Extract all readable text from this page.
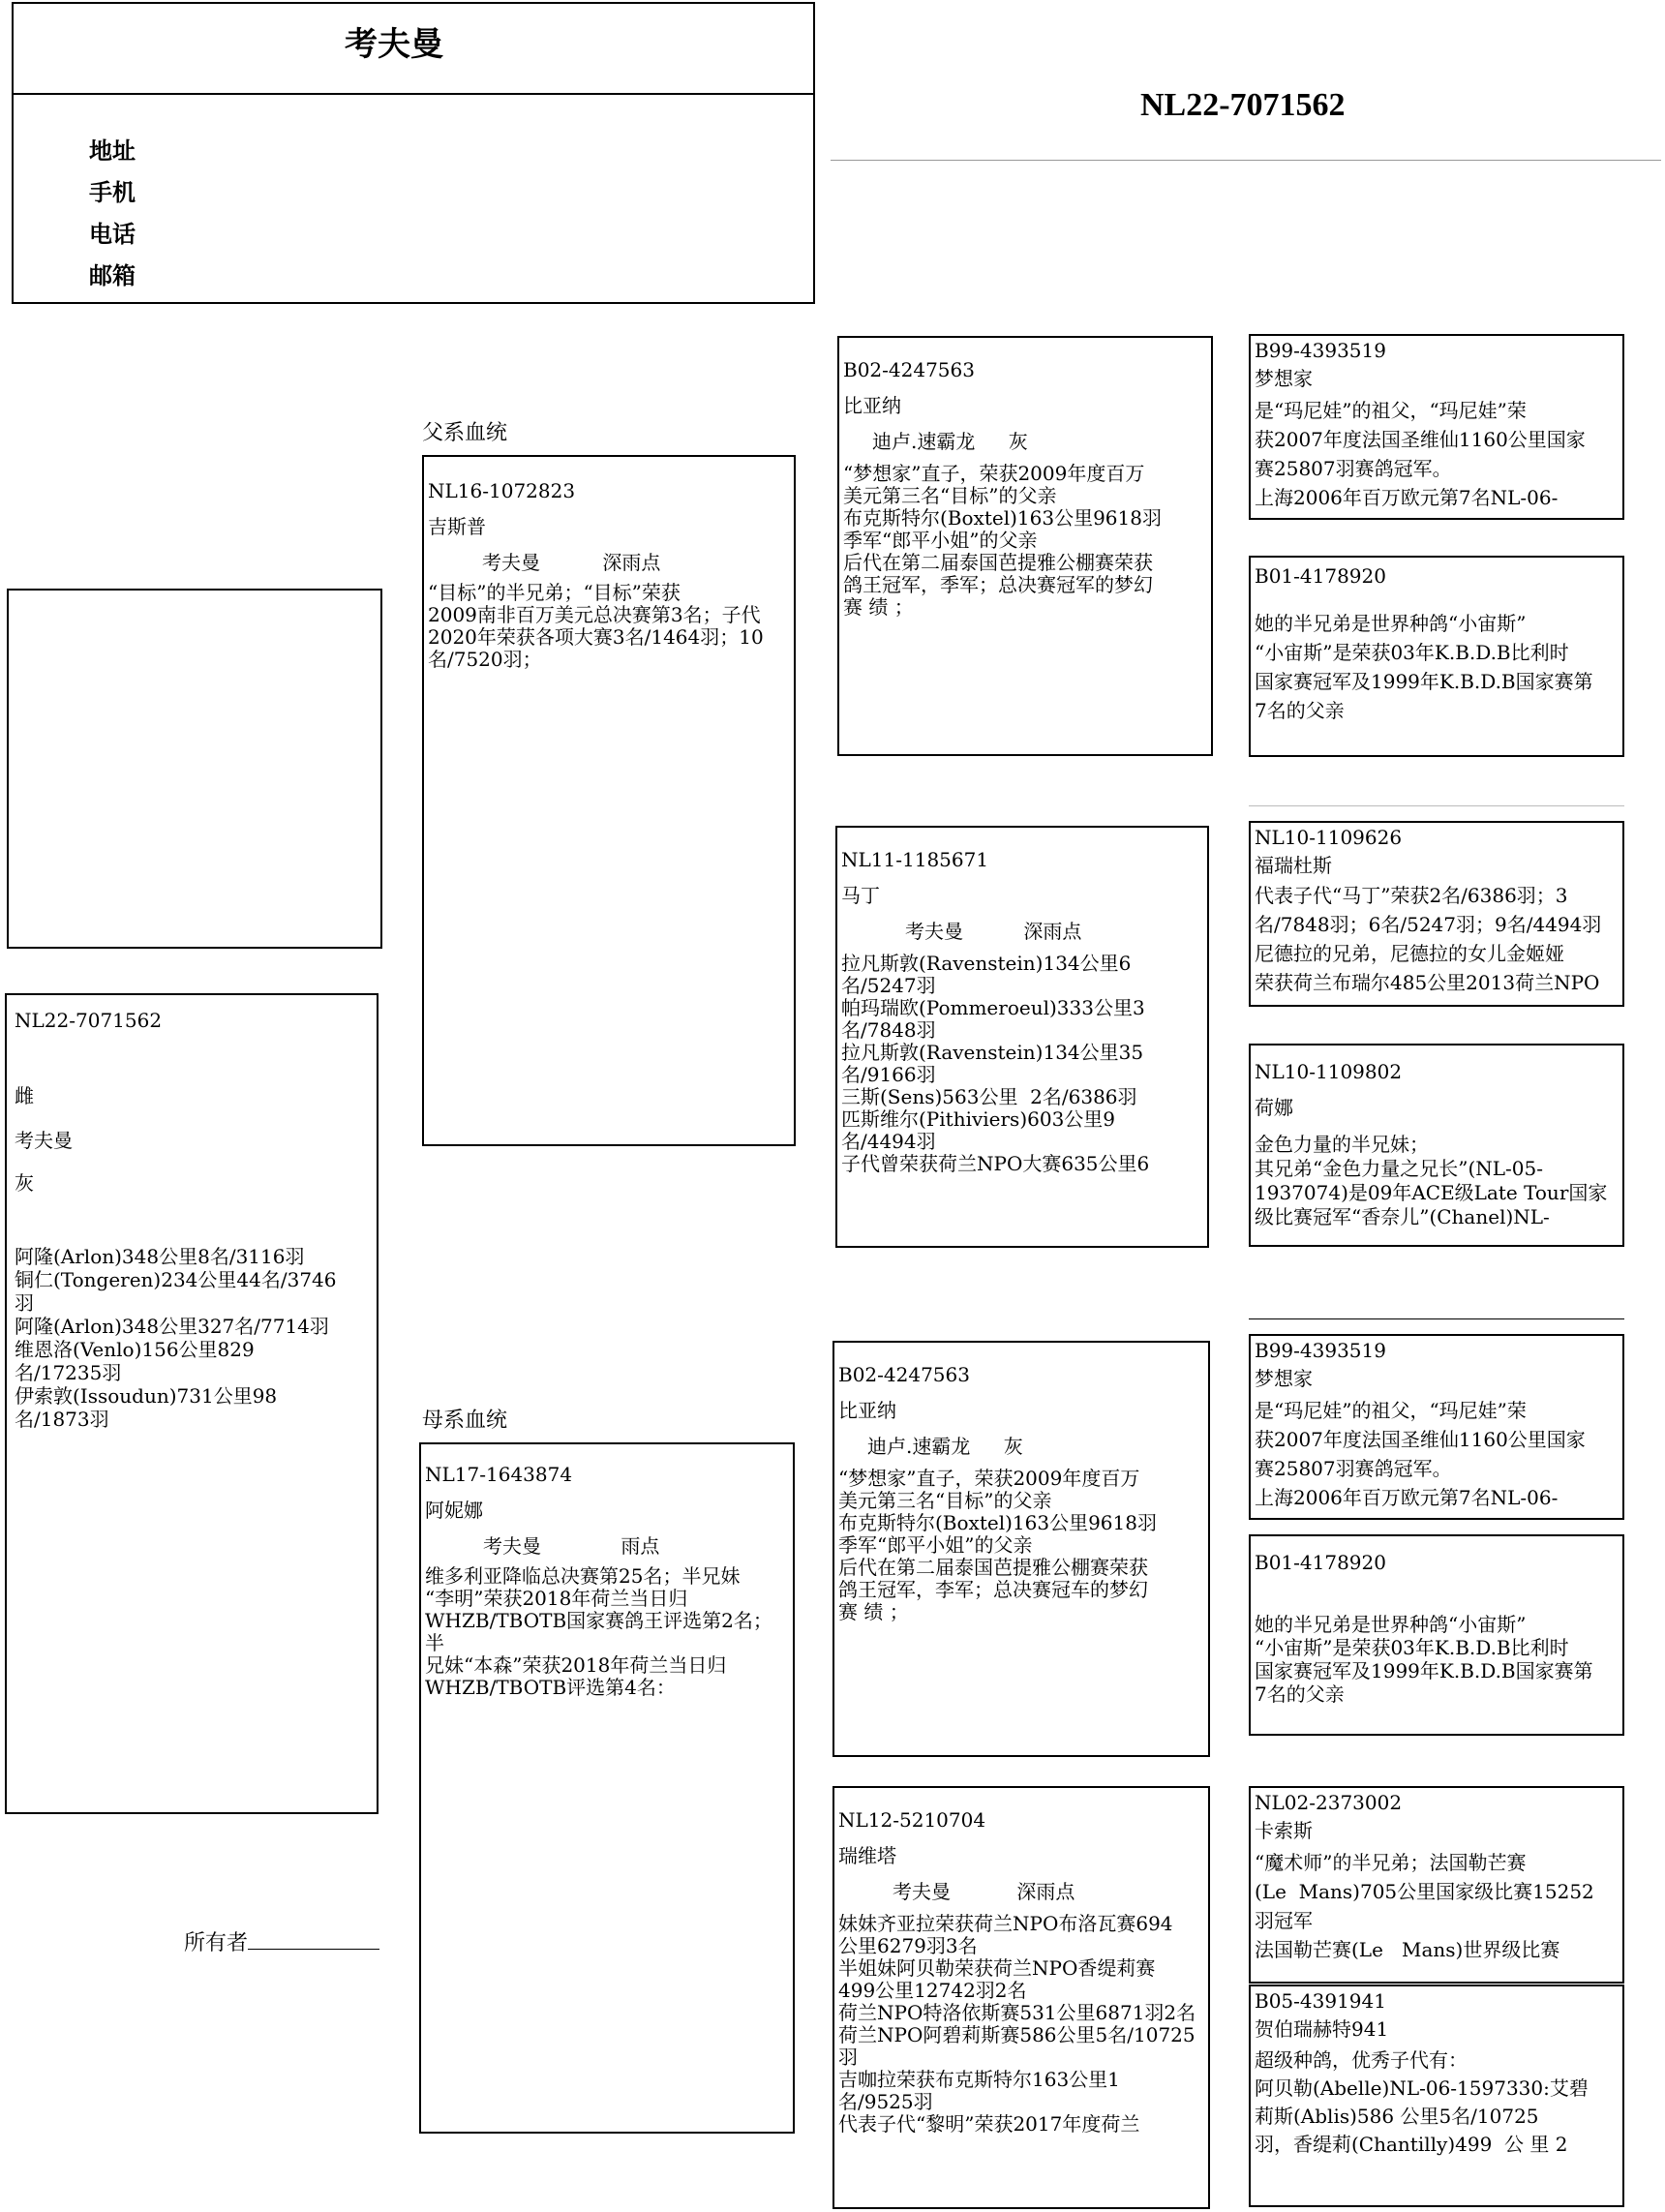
考夫曼
地址
手机
电话
邮箱
NL22-7071562
NL22-7071562
雌
考夫曼
灰
阿隆(Arlon)348公里8名/3116羽
铜仁(Tongeren)234公里44名/3746
羽
阿隆(Arlon)348公里327名/7714羽
维恩洛(Venlo)156公里829
名/17235羽
伊索敦(Issoudun)731公里98
名/1873羽
所有者
父系血统
母系血统
NL16-1072823
吉斯普
考夫曼	深雨点
“目标”的半兄弟；“目标”荣获
2009南非百万美元总决赛第3名；子代
2020年荣获各项大赛3名/1464羽；10
名/7520羽；
NL17-1643874
阿妮娜
考夫曼	雨点
维多利亚降临总决赛第25名；半兄妹
“李明”荣获2018年荷兰当日归
WHZB/TBOTB国家赛鸽王评选第2名；半
兄妹“本森”荣获2018年荷兰当日归
WHZB/TBOTB评选第4名：
B02-4247563
比亚纳
迪卢.速霸龙 灰
“梦想家”直子，荣获2009年度百万
美元第三名“目标”的父亲
布克斯特尔(Boxtel)163公里9618羽
季军“郎平小姐”的父亲
后代在第二届泰国芭提雅公棚赛荣获
鸽王冠军，季军；总决赛冠军的梦幻
赛 绩 ；
NL11-1185671
马丁
考夫曼	深雨点
拉凡斯敦(Ravenstein)134公里6
名/5247羽
帕玛瑞欧(Pommeroeul)333公里3
名/7848羽
拉凡斯敦(Ravenstein)134公里35
名/9166羽
三斯(Sens)563公里  2名/6386羽
匹斯维尔(Pithiviers)603公里9
名/4494羽
子代曾荣获荷兰NPO大赛635公里6
B02-4247563
比亚纳
迪卢.速霸龙 灰
“梦想家”直子，荣获2009年度百万
美元第三名“目标”的父亲
布克斯特尔(Boxtel)163公里9618羽
季军“郎平小姐”的父亲
后代在第二届泰国芭提雅公棚赛荣获
鸽王冠军，李军；总决赛冠车的梦幻
赛 绩 ；
NL12-5210704
瑞维塔
考夫曼	深雨点
妹妹齐亚拉荣获荷兰NPO布洛瓦赛694
公里6279羽3名
半姐妹阿贝勒荣获荷兰NPO香缇莉赛
499公里12742羽2名
荷兰NPO特洛依斯赛531公里6871羽2名
荷兰NPO阿碧莉斯赛586公里5名/10725
羽
吉咖拉荣获布克斯特尔163公里1
名/9525羽
代表子代“黎明”荣获2017年度荷兰
B99-4393519
梦想家
是“玛尼娃”的祖父，“玛尼娃”荣
获2007年度法国圣维仙1160公里国家
赛25807羽赛鸽冠军。
上海2006年百万欧元第7名NL-06-
B01-4178920
她的半兄弟是世界种鸽“小宙斯”
“小宙斯”是荣获03年K.B.D.B比利时
国家赛冠军及1999年K.B.D.B国家赛第
7名的父亲
NL10-1109626
福瑞杜斯
代表子代“马丁”荣获2名/6386羽；3
名/7848羽；6名/5247羽；9名/4494羽
尼德拉的兄弟，尼德拉的女儿金姬娅
荣获荷兰布瑞尔485公里2013荷兰NPO
NL10-1109802
荷娜
金色力量的半兄妹；
其兄弟“金色力量之兄长”(NL-05-
1937074)是09年ACE级Late Tour国家
级比赛冠军“香奈儿”(Chanel)NL-
B99-4393519
梦想家
是“玛尼娃”的祖父，“玛尼娃”荣
获2007年度法国圣维仙1160公里国家
赛25807羽赛鸽冠军。
上海2006年百万欧元第7名NL-06-
B01-4178920
她的半兄弟是世界种鸽“小宙斯”
“小宙斯”是荣获03年K.B.D.B比利时
国家赛冠军及1999年K.B.D.B国家赛第
7名的父亲
NL02-2373002
卡索斯
“魔术师”的半兄弟；法国勒芒赛
(Le  Mans)705公里国家级比赛15252
羽冠军
法国勒芒赛(Le   Mans)世界级比赛
B05-4391941
贺伯瑞赫特941
超级种鸽，优秀子代有：
阿贝勒(Abelle)NL-06-1597330:艾碧
莉斯(Ablis)586 公里5名/10725
羽，香缇莉(Chantilly)499  公 里 2
